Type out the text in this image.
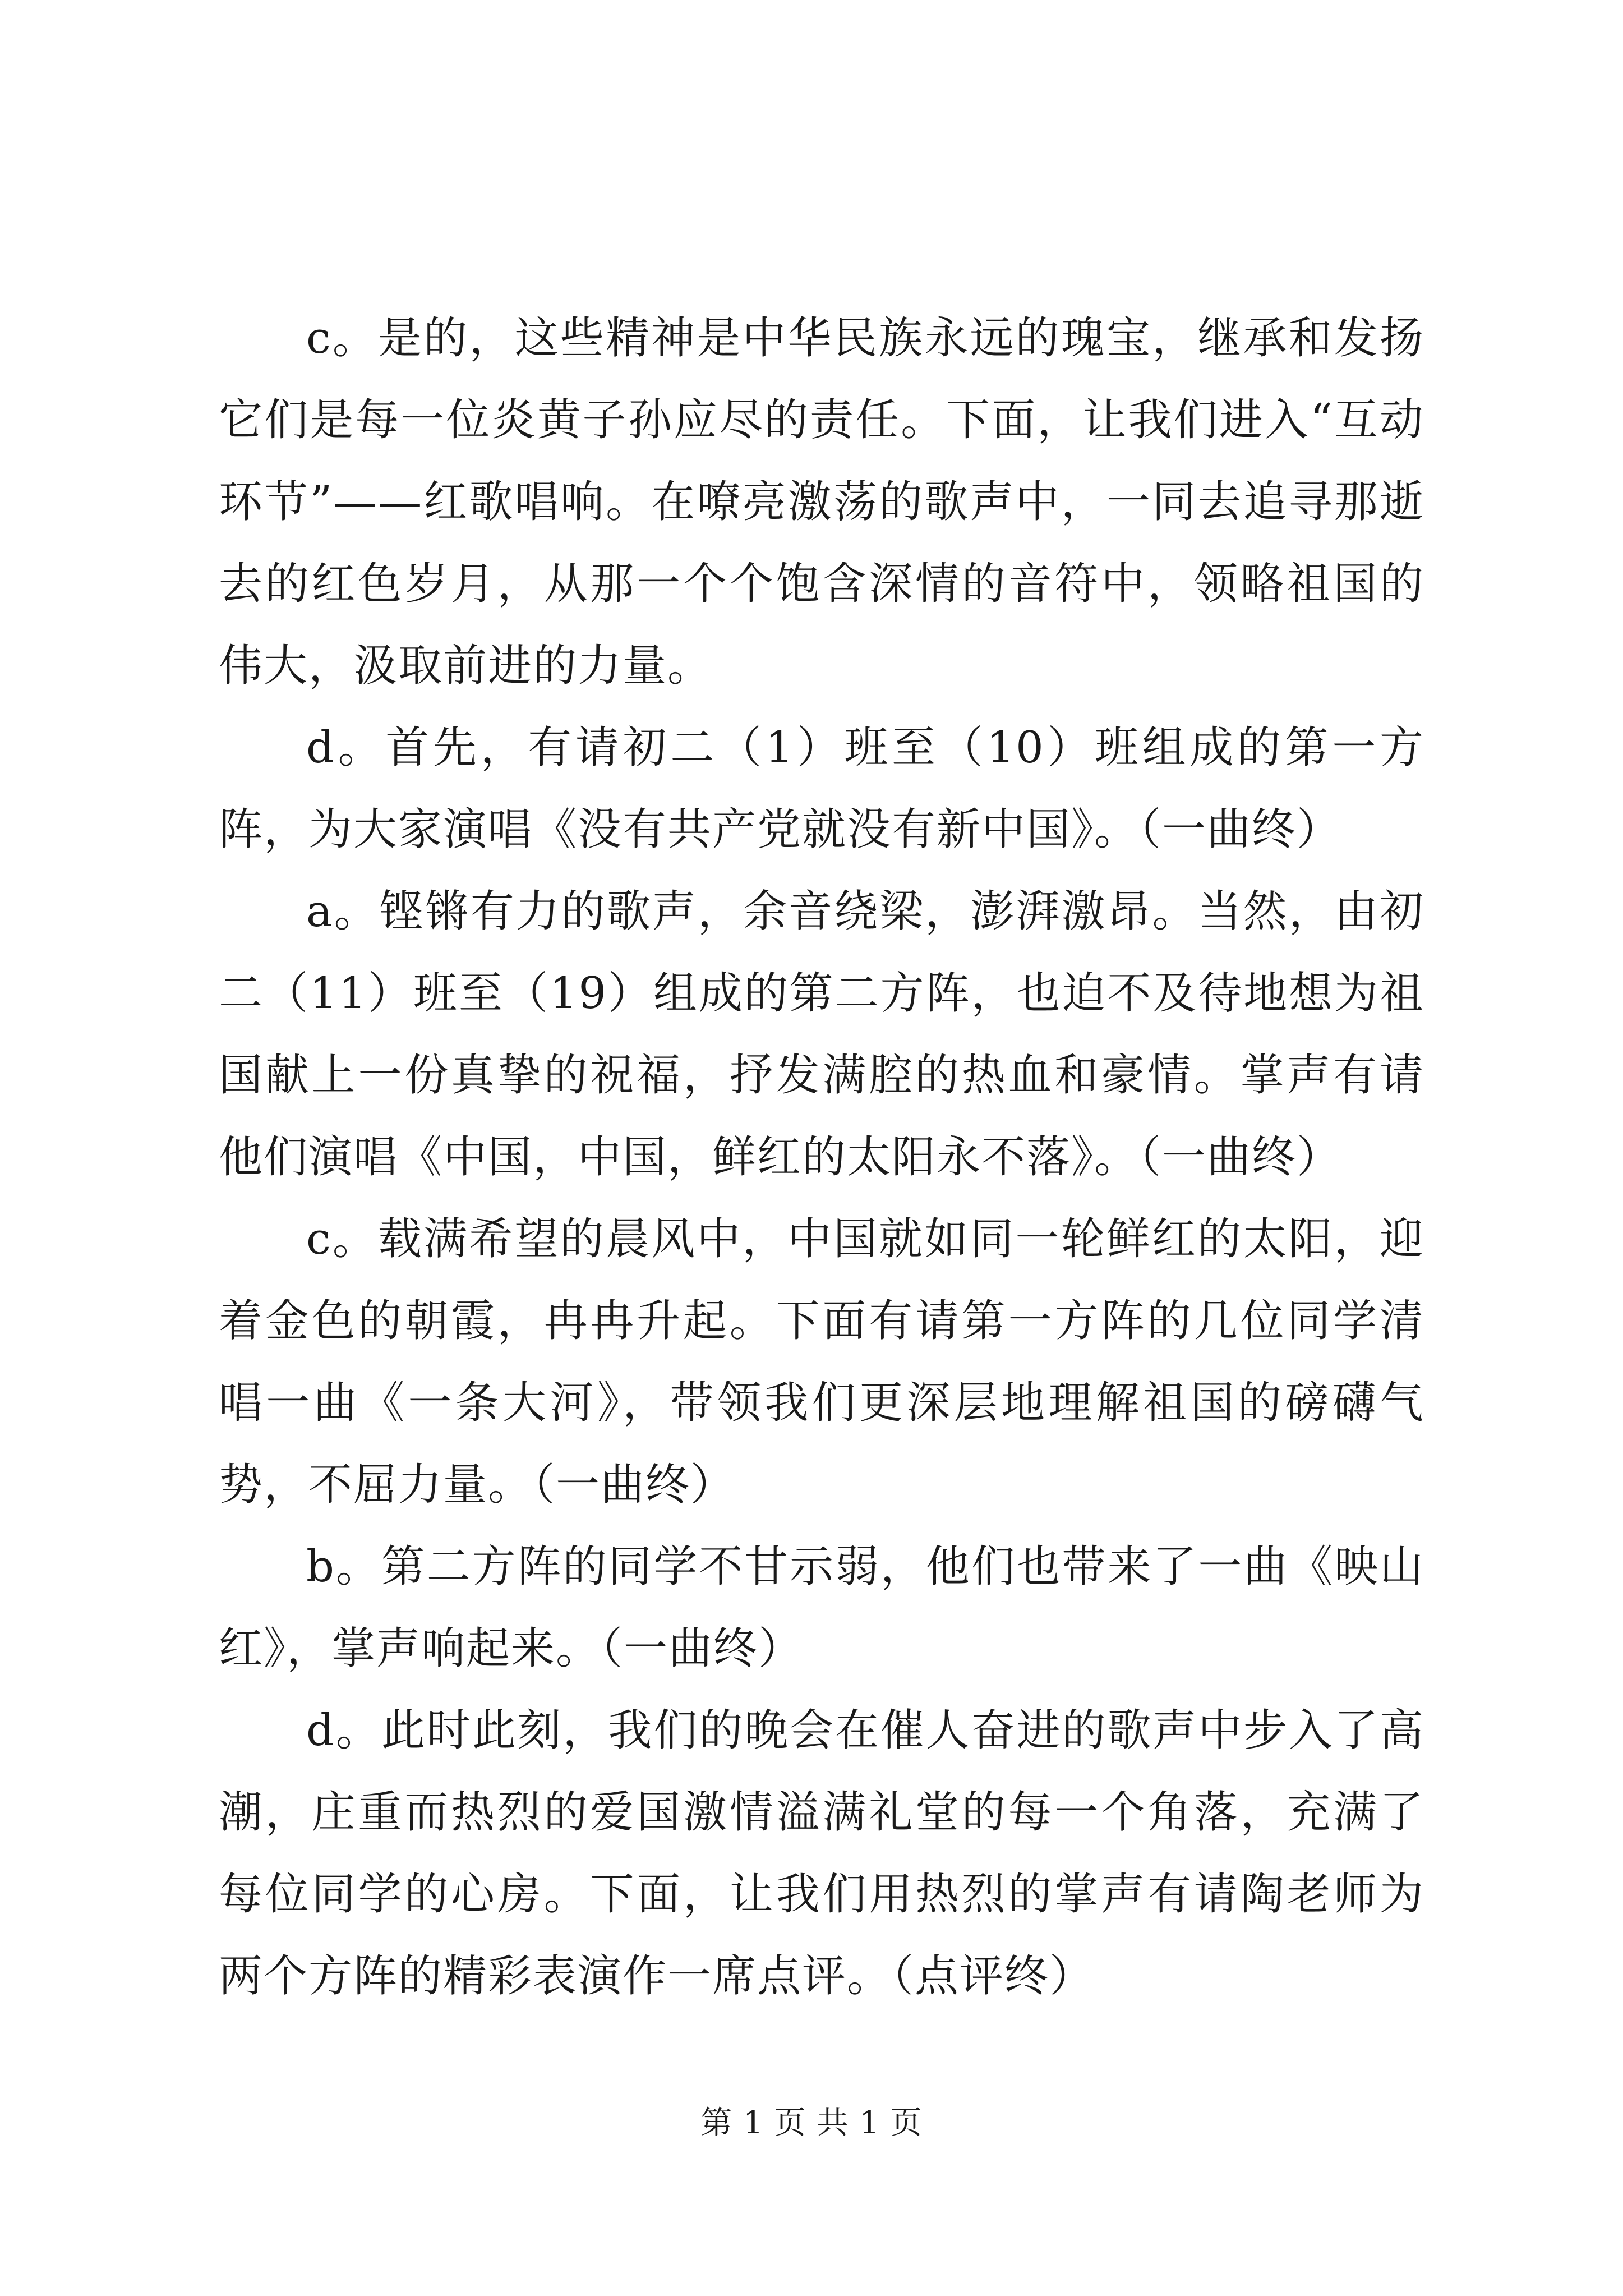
c。是的，这些精神是中华民族永远的瑰宝，继承和发扬它们是每一位炎黄子孙应尽的责任。下面，让我们进入“互动环节”——红歌唱响。在嘹亮激荡的歌声中，一同去追寻那逝去的红色岁月，从那一个个饱含深情的音符中，领略祖国的伟大，汲取前进的力量。

d。首先，有请初二（1）班至（10）班组成的第一方阵，为大家演唱《没有共产党就没有新中国》。（一曲终）

a。铿锵有力的歌声，余音绕梁，澎湃激昂。当然，由初二（11）班至（19）组成的第二方阵，也迫不及待地想为祖国献上一份真挚的祝福，抒发满腔的热血和豪情。掌声有请他们演唱《中国，中国，鲜红的太阳永不落》。（一曲终）

c。载满希望的晨风中，中国就如同一轮鲜红的太阳，迎着金色的朝霞，冉冉升起。下面有请第一方阵的几位同学清唱一曲《一条大河》，带领我们更深层地理解祖国的磅礴气势，不屈力量。（一曲终）

b。第二方阵的同学不甘示弱，他们也带来了一曲《映山红》，掌声响起来。（一曲终）

d。此时此刻，我们的晚会在催人奋进的歌声中步入了高潮，庄重而热烈的爱国激情溢满礼堂的每一个角落，充满了每位同学的心房。下面，让我们用热烈的掌声有请陶老师为两个方阵的精彩表演作一席点评。（点评终）

第 1 页 共 1 页
